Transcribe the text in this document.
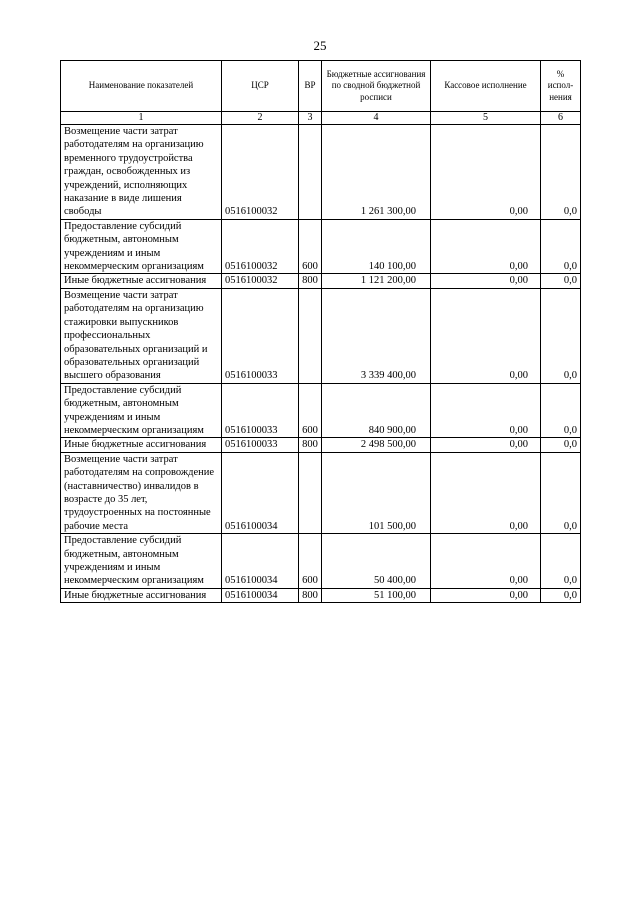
25
Наименование показателей	ЦСР	ВР	Бюджетные ассигнования по сводной бюджетной росписи	Кассовое исполнение	% испол-нения
1	2	3	4	5	6
Возмещение части затрат работодателям на организацию временного трудоустройства граждан, освобожденных из учреждений, исполняющих наказание в виде лишения свободы	0516100032		1 261 300,00	0,00	0,0
Предоставление субсидий бюджетным, автономным учреждениям и иным некоммерческим организациям	0516100032	600	140 100,00	0,00	0,0
Иные бюджетные ассигнования	0516100032	800	1 121 200,00	0,00	0,0
Возмещение части затрат работодателям на организацию стажировки выпускников профессиональных образовательных организаций и образовательных организаций высшего образования	0516100033		3 339 400,00	0,00	0,0
Предоставление субсидий бюджетным, автономным учреждениям и иным некоммерческим организациям	0516100033	600	840 900,00	0,00	0,0
Иные бюджетные ассигнования	0516100033	800	2 498 500,00	0,00	0,0
Возмещение части затрат работодателям на сопровождение (наставничество) инвалидов в возрасте до 35 лет, трудоустроенных на постоянные рабочие места	0516100034		101 500,00	0,00	0,0
Предоставление субсидий бюджетным, автономным учреждениям и иным некоммерческим организациям	0516100034	600	50 400,00	0,00	0,0
Иные бюджетные ассигнования	0516100034	800	51 100,00	0,00	0,0
